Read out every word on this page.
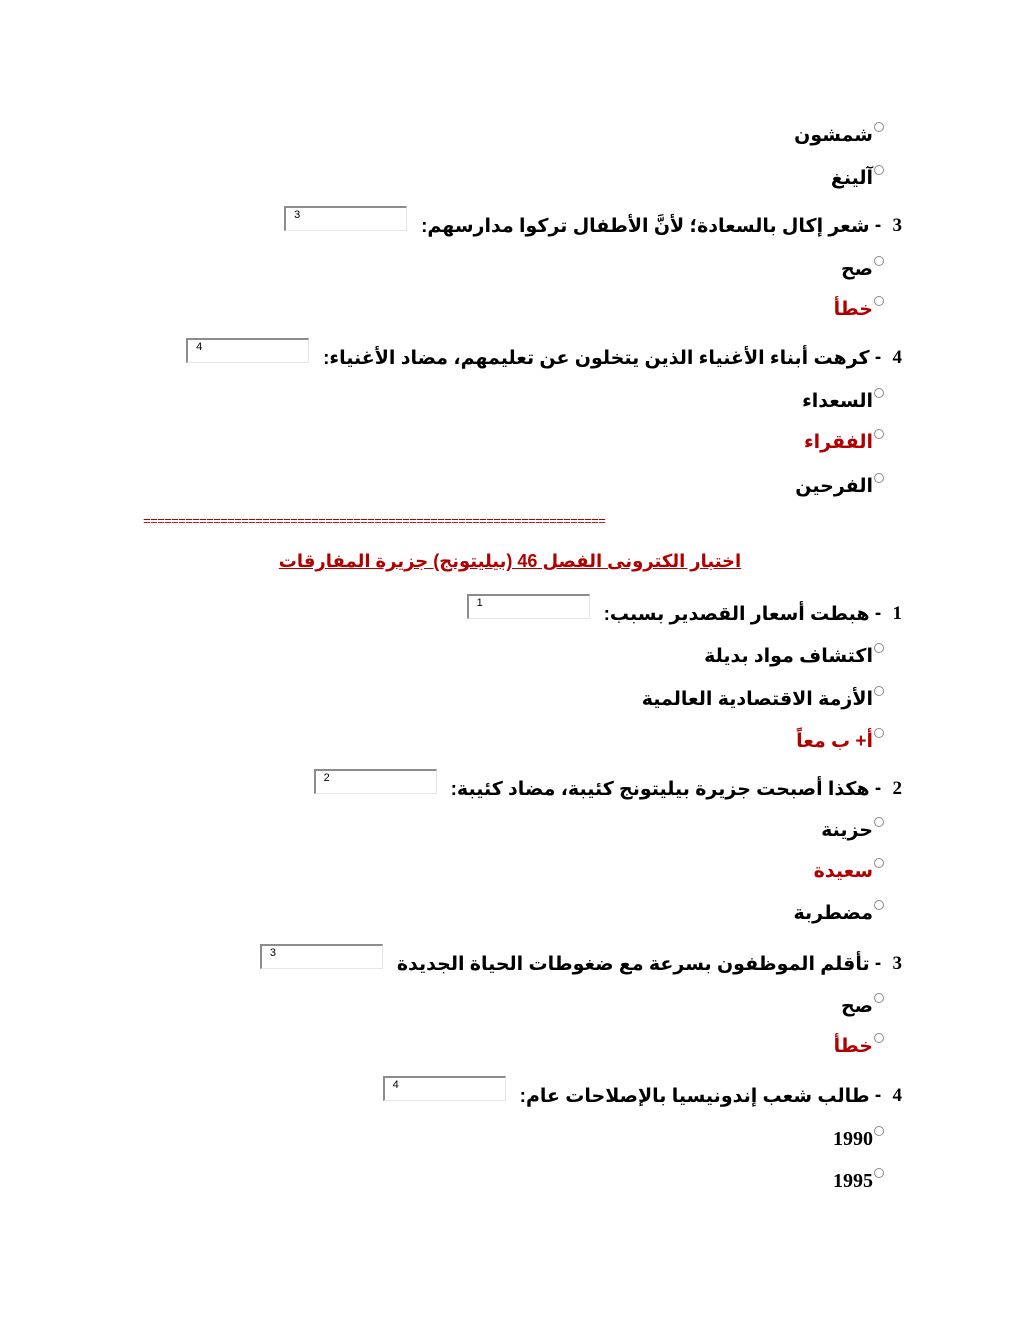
شمشون
آلينغ
3
-
شعر إكال بالسعادة؛ لأنَّ الأطفال تركوا مدارسهم:
3
صح
خطأ
4
-
كرهت أبناء الأغنياء الذين يتخلون عن تعليمهم، مضاد الأغنياء:
4
السعداء
الفقراء
الفرحين
==================================================================
اختبار الكترونى الفصل 46 (بيليتونج) جزيرة المفارقات
1
-
هبطت أسعار القصدير بسبب:
1
اكتشاف مواد بديلة
الأزمة الاقتصادية العالمية
أ+ ب معاً
2
-
هكذا أصبحت جزيرة بيليتونج كئيبة، مضاد كئيبة:
2
حزينة
سعيدة
مضطربة
3
-
تأقلم الموظفون بسرعة مع ضغوطات الحياة الجديدة
3
صح
خطأ
4
-
طالب شعب إندونيسيا بالإصلاحات عام:
4
1990
1995
